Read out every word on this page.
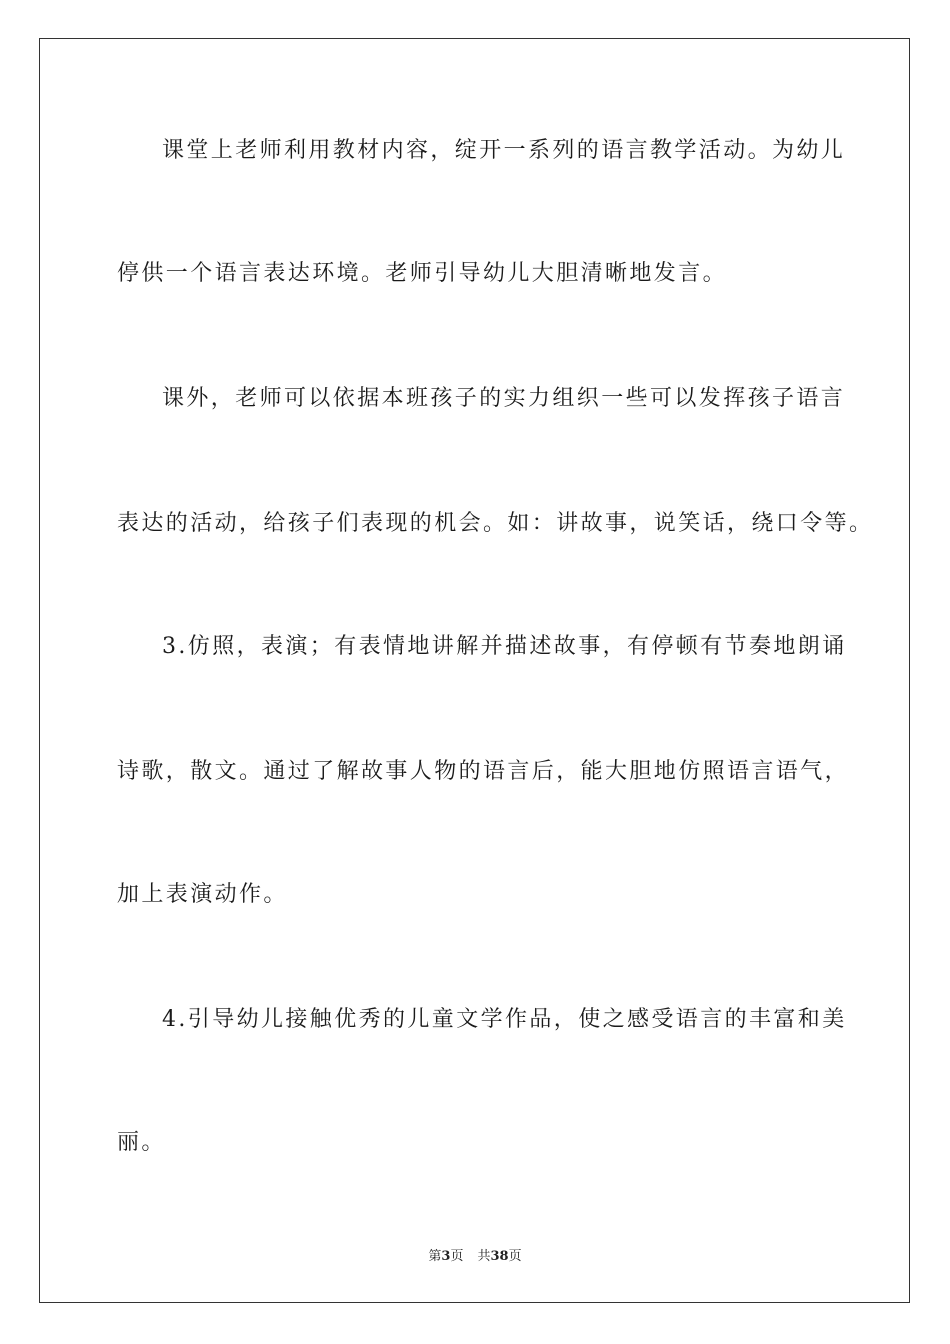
课堂上老师利用教材内容，绽开一系列的语言教学活动。为幼儿
停供一个语言表达环境。老师引导幼儿大胆清晰地发言。
课外，老师可以依据本班孩子的实力组织一些可以发挥孩子语言
表达的活动，给孩子们表现的机会。如：讲故事，说笑话，绕口令等。
3.仿照，表演；有表情地讲解并描述故事，有停顿有节奏地朗诵
诗歌，散文。通过了解故事人物的语言后，能大胆地仿照语言语气，
加上表演动作。
4.引导幼儿接触优秀的儿童文学作品，使之感受语言的丰富和美
丽。
第3页 共38页
